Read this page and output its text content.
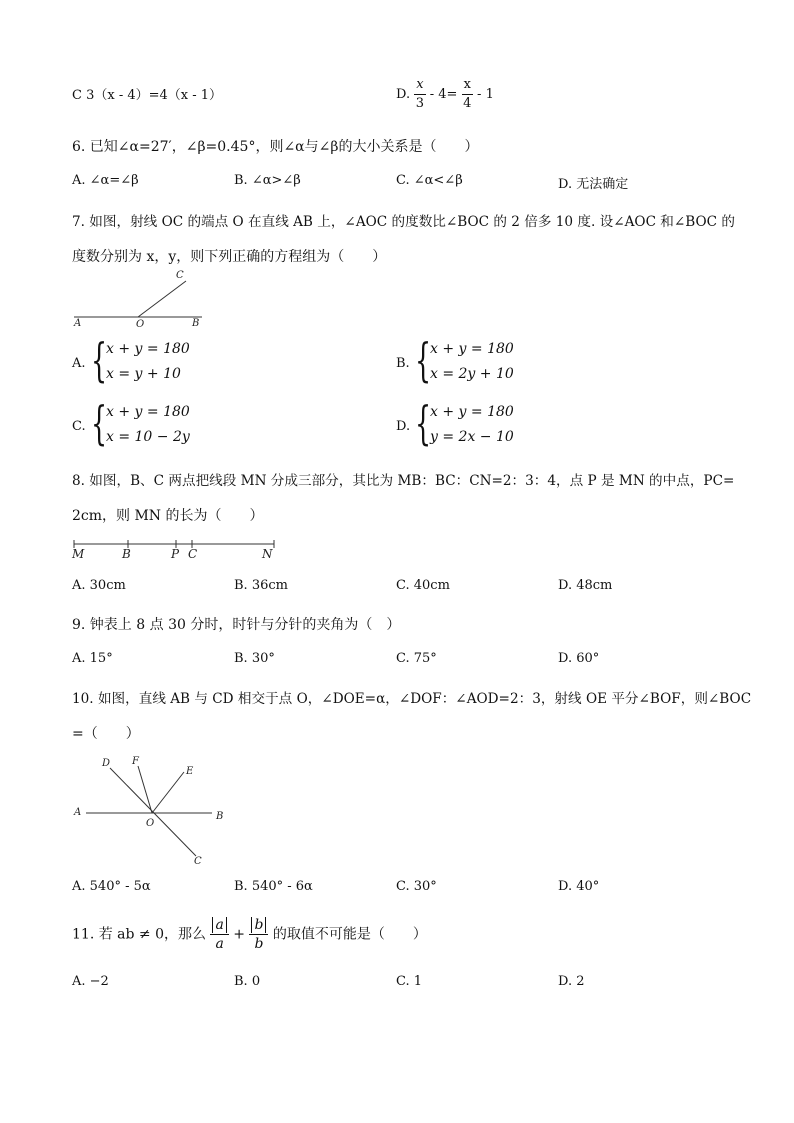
C 3（x - 4）=4（x - 1）	D. $\frac{x}{3} - 4= \frac{x}{4} - 1$
6. 已知∠α=27′，∠β=0.45°，则∠α与∠β的大小关系是（　　）
A. ∠α=∠β	B. ∠α>∠β	C. ∠α<∠β	D. 无法确定
7. 如图，射线 OC 的端点 O 在直线 AB 上，∠AOC 的度数比∠BOC 的 2 倍多 10 度. 设∠AOC 和∠BOC 的
度数分别为 x，y，则下列正确的方程组为（　　）
A	O	B
C
A. {
x + y = 180
x = y + 10
B. {
x + y = 180
x = 2y + 10
C. {
x + y = 180
x = 10 − 2y
D. {
x + y = 180
y = 2x − 10
8. 如图，B、C 两点把线段 MN 分成三部分，其比为 MB：BC：CN=2：3：4，点 P 是 MN 的中点，PC=
2cm，则 MN 的长为（　　）
M	B	P C	N
A. 30cm	B. 36cm	C. 40cm	D. 48cm
9. 钟表上 8 点 30 分时，时针与分针的夹角为（　）
A. 15°	B. 30°	C. 75°	D. 60°
10. 如图，直线 AB 与 CD 相交于点 O，∠DOE=α，∠DOF：∠AOD=2：3，射线 OE 平分∠BOF，则∠BOC
=（　　）
D F
E
A
O
B
C
A. 540° - 5α	B. 540° - 6α	C. 30°	D. 40°
11. 若 ab ≠ 0，那么 $\frac{a}{a} + \frac{b}{b}$ 的取值不可能是（　　）
A. −2	B. 0	C. 1	D. 2
